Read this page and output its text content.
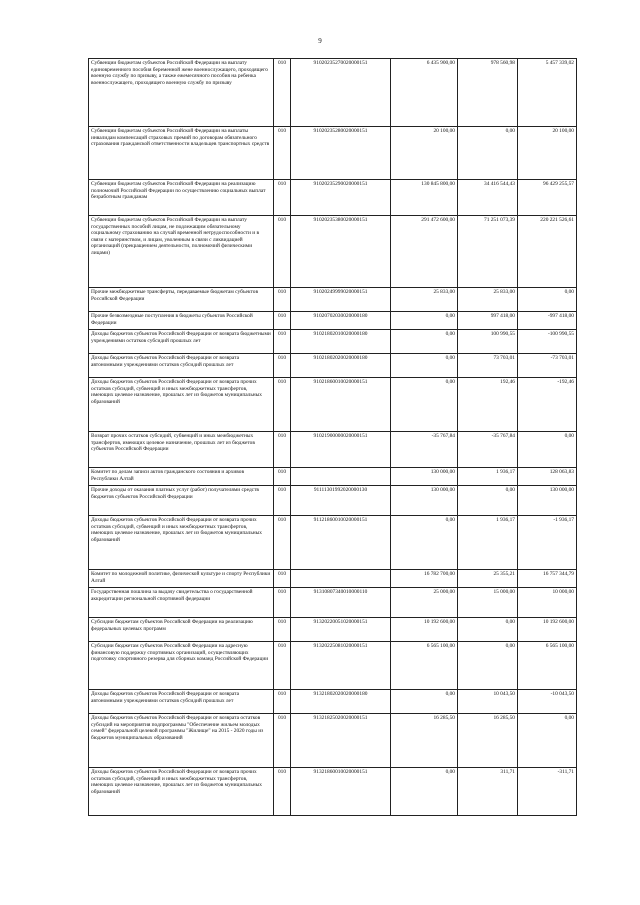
9
Субвенции бюджетам субъектов Российской Федерации на выплату единовременного пособия беременной жене военнослужащего, проходящего военную службу по призыву, а также ежемесячного пособия на ребенка военнослужащего, проходящего военную службу по призыву	010	91020235270020000151	6 435 900,00	978 560,98	5 457 339,02
Субвенции бюджетам субъектов Российской Федерации на выплаты инвалидам компенсаций страховых премий по договорам обязательного страхования гражданской ответственности владельцев транспортных средств	010	91020235280020000151	20 100,00	0,00	20 100,00
Субвенции бюджетам субъектов Российской Федерации на реализацию полномочий Российской Федерации по осуществлению социальных выплат безработным гражданам	010	91020235290020000151	130 845 800,00	34 416 544,43	96 429 255,57
Субвенции бюджетам субъектов Российской Федерации на выплату государственных пособий лицам, не подлежащим обязательному социальному страхованию на случай временной нетрудоспособности и в связи с материнством, и лицам, уволенным в связи с ликвидацией организаций (прекращением деятельности, полномочий физическими лицами)	010	91020235380020000151	291 472 600,00	71 251 073,39	220 221 526,61
Прочие межбюджетные трансферты, передаваемые бюджетам субъектов Российской Федерации	010	91020249999020000151	25 833,00	25 833,00	0,00
Прочие безвозмездные поступления в бюджеты субъектов Российской Федерации	010	91020702030020000180	0,00	997 418,00	-997 418,00
Доходы бюджетов субъектов Российской Федерации от возврата бюджетными учреждениями остатков субсидий прошлых лет	010	91021802010020000180	0,00	100 990,55	-100 990,55
Доходы бюджетов субъектов Российской Федерации от возврата автономными учреждениями остатков субсидий прошлых лет	010	91021802020020000180	0,00	73 703,01	-73 703,01
Доходы бюджетов субъектов Российской Федерации от возврата прочих остатков субсидий, субвенций и иных межбюджетных трансфертов, имеющих целевое назначение, прошлых лет из бюджетов муниципальных образований	010	91021860010020000151	0,00	192,46	-192,46
Возврат прочих остатков субсидий, субвенций и иных межбюджетных трансфертов, имеющих целевое назначение, прошлых лет из бюджетов субъектов Российской Федерации	010	91021900000020000151	-35 767,84	-35 767,84	0,00
Комитет по делам записи актов гражданского состояния и архивов Республики Алтай	010		130 000,00	1 936,17	128 063,83
Прочие доходы от оказания платных услуг (работ) получателями средств бюджетов субъектов Российской Федерации	010	91111301992020000130	130 000,00	0,00	130 000,00
Доходы бюджетов субъектов Российской Федерации от возврата прочих остатков субсидий, субвенций и иных межбюджетных трансфертов, имеющих целевое назначение, прошлых лет из бюджетов муниципальных образований	010	91121860010020000151	0,00	1 936,17	-1 936,17
Комитет по молодежной политике, физической культуре и спорту Республики Алтай	010		16 782 700,00	25 355,21	16 757 344,79
Государственная пошлина за выдачу свидетельства о государственной аккредитации региональной спортивной федерации	010	91310807340010000110	25 000,00	15 000,00	10 000,00
Субсидии бюджетам субъектов Российской Федерации на реализацию федеральных целевых программ	010	91320220051020000151	10 192 600,00	0,00	10 192 600,00
Субсидии бюджетам субъектов Российской Федерации на адресную финансовую поддержку спортивных организаций, осуществляющих подготовку спортивного резерва для сборных команд Российской Федерации	010	91320225081020000151	6 565 100,00	0,00	6 565 100,00
Доходы бюджетов субъектов Российской Федерации от возврата автономными учреждениями остатков субсидий прошлых лет	010	91321802020020000180	0,00	10 043,50	-10 043,50
Доходы бюджетов субъектов Российской Федерации от возврата остатков субсидий на мероприятия подпрограммы "Обеспечение жильем молодых семей" федеральной целевой программы "Жилище" на 2015 - 2020 годы из бюджетов муниципальных образований	010	91321825020020000151	16 285,50	16 285,50	0,00
Доходы бюджетов субъектов Российской Федерации от возврата прочих остатков субсидий, субвенций и иных межбюджетных трансфертов, имеющих целевое назначение, прошлых лет из бюджетов муниципальных образований	010	91321860010020000151	0,00	311,71	-311,71
